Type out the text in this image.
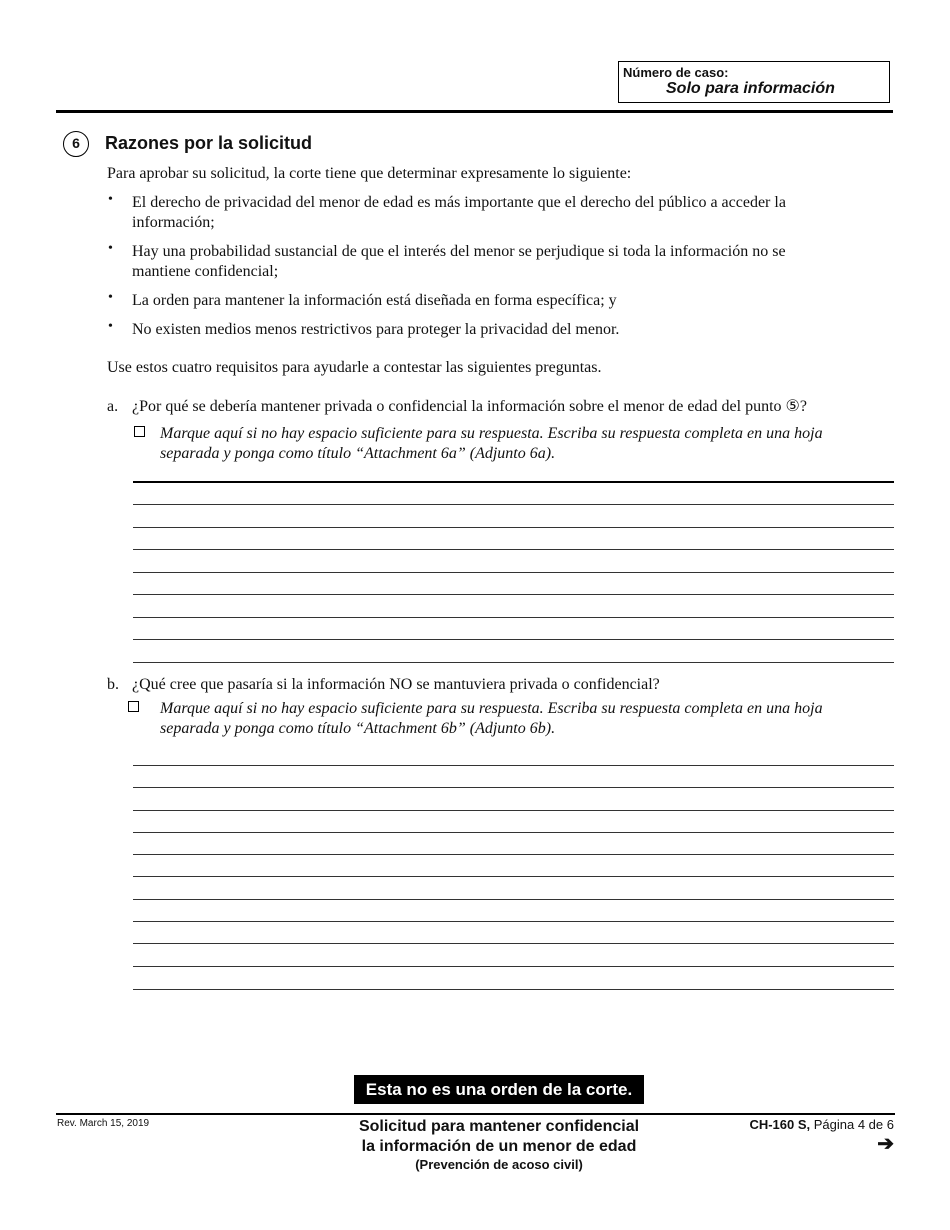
Número de caso:
Solo para información
6	Razones por la solicitud
Para aprobar su solicitud, la corte tiene que determinar expresamente lo siguiente:
• El derecho de privacidad del menor de edad es más importante que el derecho del público a acceder la
información;
• Hay una probabilidad sustancial de que el interés del menor se perjudique si toda la información no se
mantiene confidencial;
• La orden para mantener la información está diseñada en forma específica; y
• No existen medios menos restrictivos para proteger la privacidad del menor.
Use estos cuatro requisitos para ayudarle a contestar las siguientes preguntas.
a. ¿Por qué se debería mantener privada o confidencial la información sobre el menor de edad del punto ⑤?
Marque aquí si no hay espacio suficiente para su respuesta. Escriba su respuesta completa en una hoja
separada y ponga como título “Attachment 6a” (Adjunto 6a).
b. ¿Qué cree que pasaría si la información NO se mantuviera privada o confidencial?
Marque aquí si no hay espacio suficiente para su respuesta. Escriba su respuesta completa en una hoja
separada y ponga como título “Attachment 6b” (Adjunto 6b).
Esta no es una orden de la corte.
Rev. March 15, 2019	Solicitud para mantener confidencial
la información de un menor de edad
(Prevención de acoso civil)
CH-160 S, Página 4 de 6
➔
